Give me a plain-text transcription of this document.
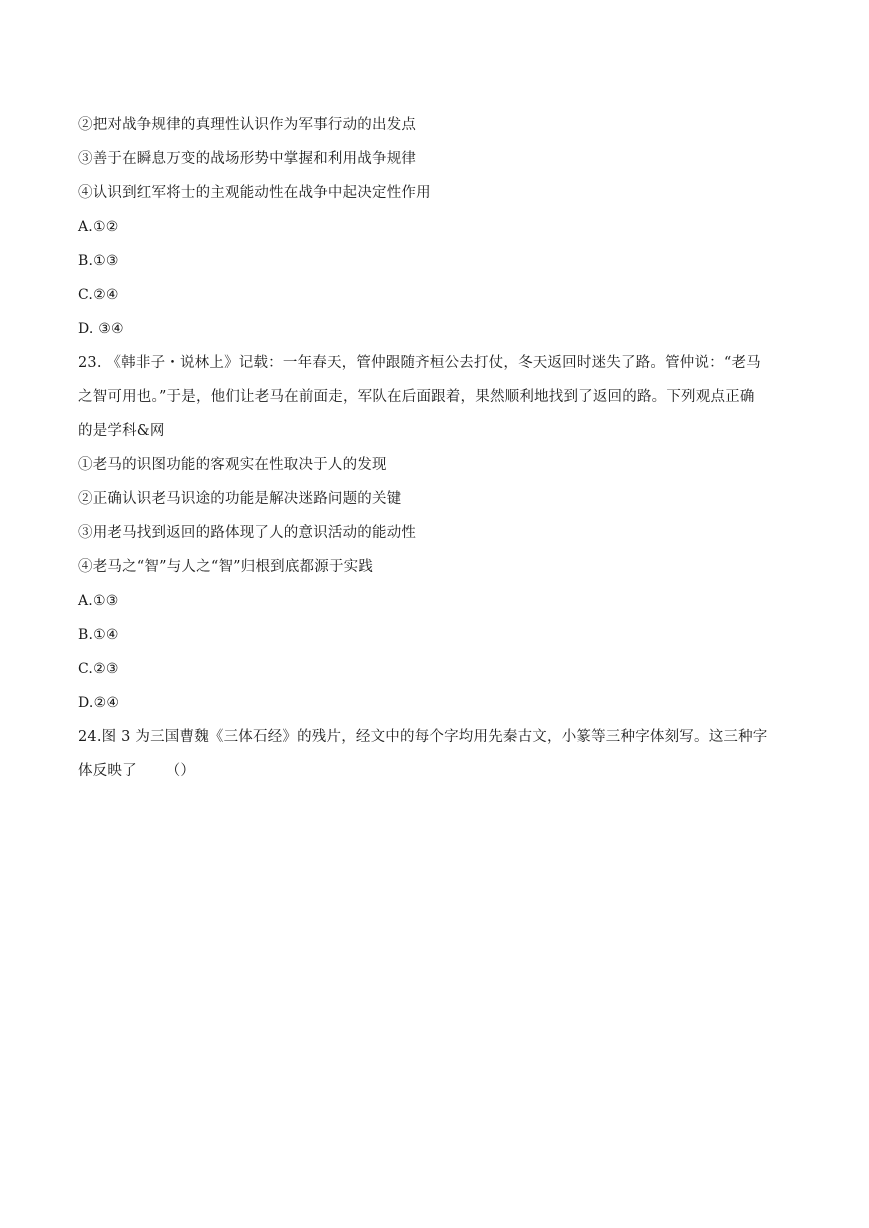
②把对战争规律的真理性认识作为军事行动的出发点
③善于在瞬息万变的战场形势中掌握和利用战争规律
④认识到红军将士的主观能动性在战争中起决定性作用
A.①②
B.①③
C.②④
D. ③④
23. 《韩非子・说林上》记载：一年春天，管仲跟随齐桓公去打仗，冬天返回时迷失了路。管仲说：“老马
之智可用也。”于是，他们让老马在前面走，军队在后面跟着，果然顺利地找到了返回的路。下列观点正确
的是学科&网
①老马的识图功能的客观实在性取决于人的发现
②正确认识老马识途的功能是解决迷路问题的关键
③用老马找到返回的路体现了人的意识活动的能动性
④老马之“智”与人之“智”归根到底都源于实践
A.①③
B.①④
C.②③
D.②④
24.图 3 为三国曹魏《三体石经》的残片，经文中的每个字均用先秦古文，小篆等三种字体刻写。这三种字
体反映了      （）
